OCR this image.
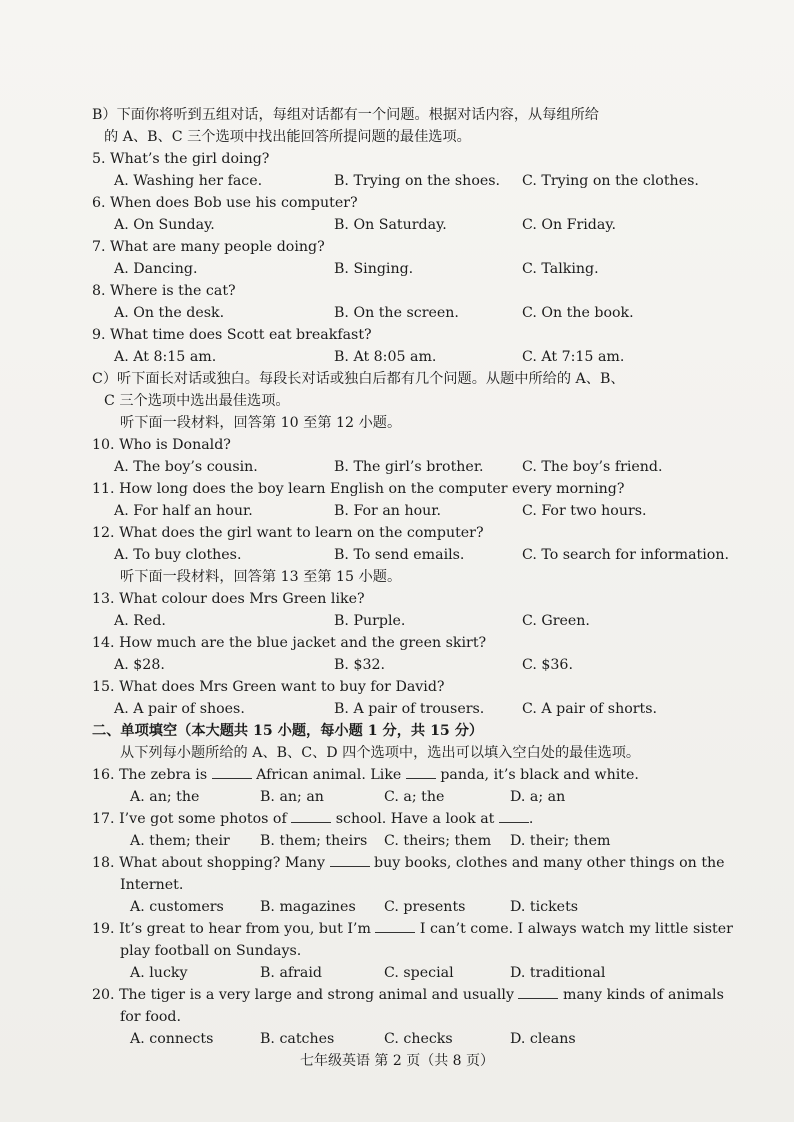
B）下面你将听到五组对话，每组对话都有一个问题。根据对话内容，从每组所给
的 A、B、C 三个选项中找出能回答所提问题的最佳选项。
5. What’s the girl doing?
A. Washing her face.	B. Trying on the shoes. C. Trying on the clothes.
6. When does Bob use his computer?
A. On Sunday.	B. On Saturday.	C. On Friday.
7. What are many people doing?
A. Dancing.	B. Singing.	C. Talking.
8. Where is the cat?
A. On the desk.	B. On the screen.	C. On the book.
9. What time does Scott eat breakfast?
A. At 8:15 am.	B. At 8:05 am.	C. At 7:15 am.
C）听下面长对话或独白。每段长对话或独白后都有几个问题。从题中所给的 A、B、
C 三个选项中选出最佳选项。
听下面一段材料，回答第 10 至第 12 小题。
10. Who is Donald?
A. The boy’s cousin.	B. The girl’s brother.	C. The boy’s friend.
11. How long does the boy learn English on the computer every morning?
A. For half an hour.	B. For an hour.	C. For two hours.
12. What does the girl want to learn on the computer?
A. To buy clothes.	B. To send emails.	C. To search for information.
听下面一段材料，回答第 13 至第 15 小题。
13. What colour does Mrs Green like?
A. Red.	B. Purple.	C. Green.
14. How much are the blue jacket and the green skirt?
A. $28.	B. $32.	C. $36.
15. What does Mrs Green want to buy for David?
A. A pair of shoes.	B. A pair of trousers.	C. A pair of shorts.
二、单项填空（本大题共 15 小题，每小题 1 分，共 15 分）
从下列每小题所给的 A、B、C、D 四个选项中，选出可以填入空白处的最佳选项。
16. The zebra is	African animal. Like  panda, it’s black and white.
A. an; the	B. an; an	C. a; the	D. a; an
17. I’ve got some photos of	school. Have a look at .
A. them; their B. them; theirs C. theirs; them D. their; them
18. What about shopping? Many	buy books, clothes and many other things on the
Internet.
A. customers	B. magazines C. presents	D. tickets
19. It’s great to hear from you, but I’m	I can’t come. I always watch my little sister
play football on Sundays.
A. lucky	B. afraid	C. special	D. traditional
20. The tiger is a very large and strong animal and usually	many kinds of animals
for food.
A. connects	B. catches	C. checks	D. cleans
七年级英语 第 2 页（共 8 页）
